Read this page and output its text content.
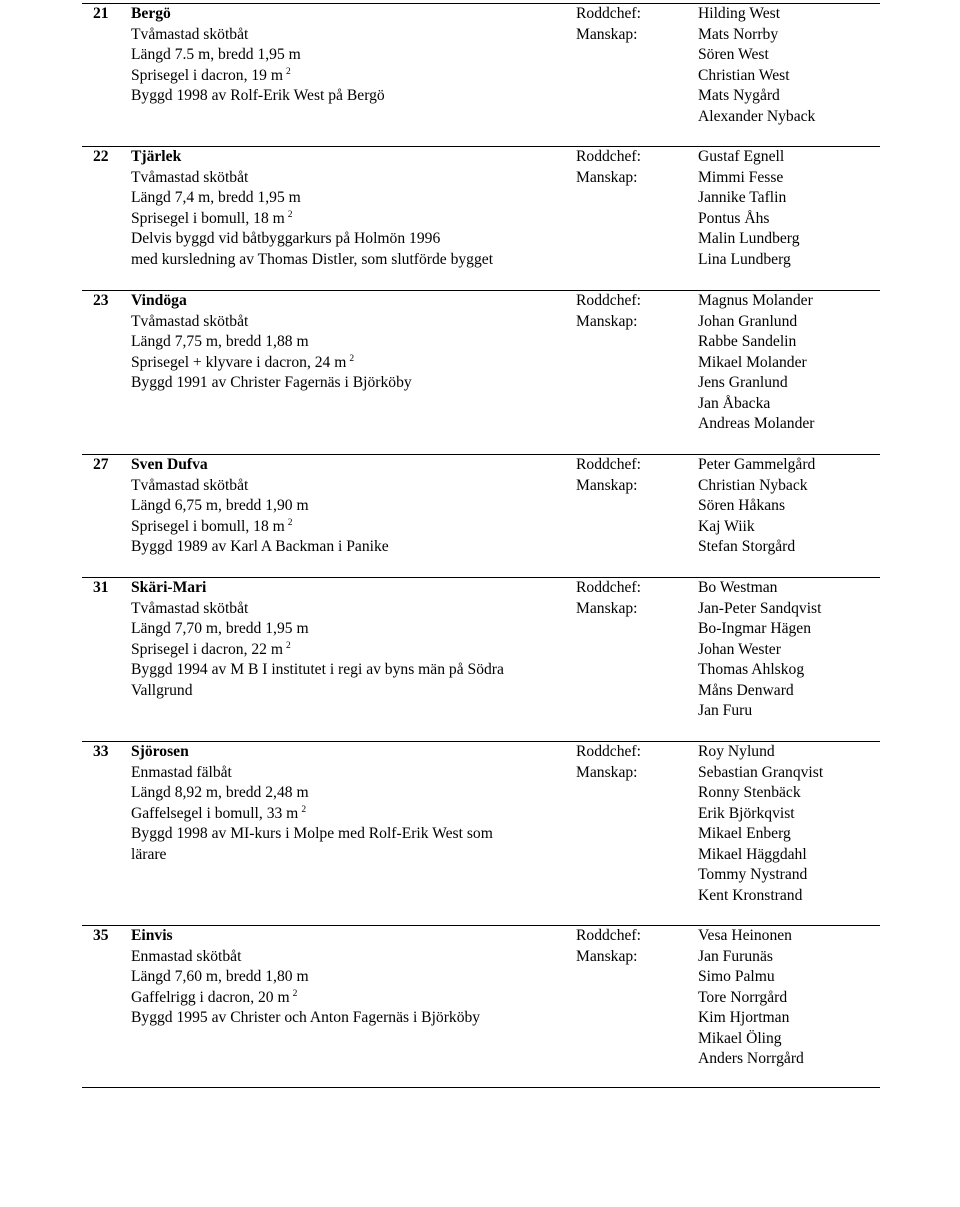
21 Bergö
Tvåmastad skötbåt
Längd 7.5 m, bredd 1,95 m
Sprisegel i dacron, 19 m $^2$
Byggd 1998 av Rolf-Erik West på Bergö
Roddchef:
Manskap:
Hilding West
Mats Norrby
Sören West
Christian West
Mats Nygård
Alexander Nyback
22 Tjärlek
Tvåmastad skötbåt
Längd 7,4 m, bredd 1,95 m
Sprisegel i bomull, 18 m $^2$
Delvis byggd vid båtbyggarkurs på Holmön 1996
med kursledning av Thomas Distler, som slutförde bygget
Roddchef:
Manskap:
Gustaf Egnell
Mimmi Fesse
Jannike Taflin
Pontus Åhs
Malin Lundberg
Lina Lundberg
23 Vindöga
Tvåmastad skötbåt
Längd 7,75 m, bredd 1,88 m
Sprisegel + klyvare i dacron, 24 m $^2$
Byggd 1991 av Christer Fagernäs i Björköby
Roddchef:
Manskap:
Magnus Molander
Johan Granlund
Rabbe Sandelin
Mikael Molander
Jens Granlund
Jan Åbacka
Andreas Molander
27 Sven Dufva
Tvåmastad skötbåt
Längd 6,75 m, bredd 1,90 m
Sprisegel i bomull, 18 m $^2$
Byggd 1989 av Karl A Backman i Panike
Roddchef:
Manskap:
Peter Gammelgård
Christian Nyback
Sören Håkans
Kaj Wiik
Stefan Storgård
31 Skäri-Mari
Tvåmastad skötbåt
Längd 7,70 m, bredd 1,95 m
Sprisegel i dacron, 22 m $^2$
Byggd 1994 av M B I institutet i regi av byns män på Södra
Vallgrund
Roddchef:
Manskap:
Bo Westman
Jan-Peter Sandqvist
Bo-Ingmar Hägen
Johan Wester
Thomas Ahlskog
Måns Denward
Jan Furu
33 Sjörosen
Enmastad fälbåt
Längd 8,92 m, bredd 2,48 m
Gaffelsegel i bomull, 33 m $^2$
Byggd 1998 av MI-kurs i Molpe med Rolf-Erik West som
lärare
Roddchef:
Manskap:
Roy Nylund
Sebastian Granqvist
Ronny Stenbäck
Erik Björkqvist
Mikael Enberg
Mikael Häggdahl
Tommy Nystrand
Kent Kronstrand
35 Einvis
Enmastad skötbåt
Längd 7,60 m, bredd 1,80 m
Gaffelrigg i dacron, 20 m $^2$
Byggd 1995 av Christer och Anton Fagernäs i Björköby
Roddchef:
Manskap:
Vesa Heinonen
Jan Furunäs
Simo Palmu
Tore Norrgård
Kim Hjortman
Mikael Öling
Anders Norrgård
